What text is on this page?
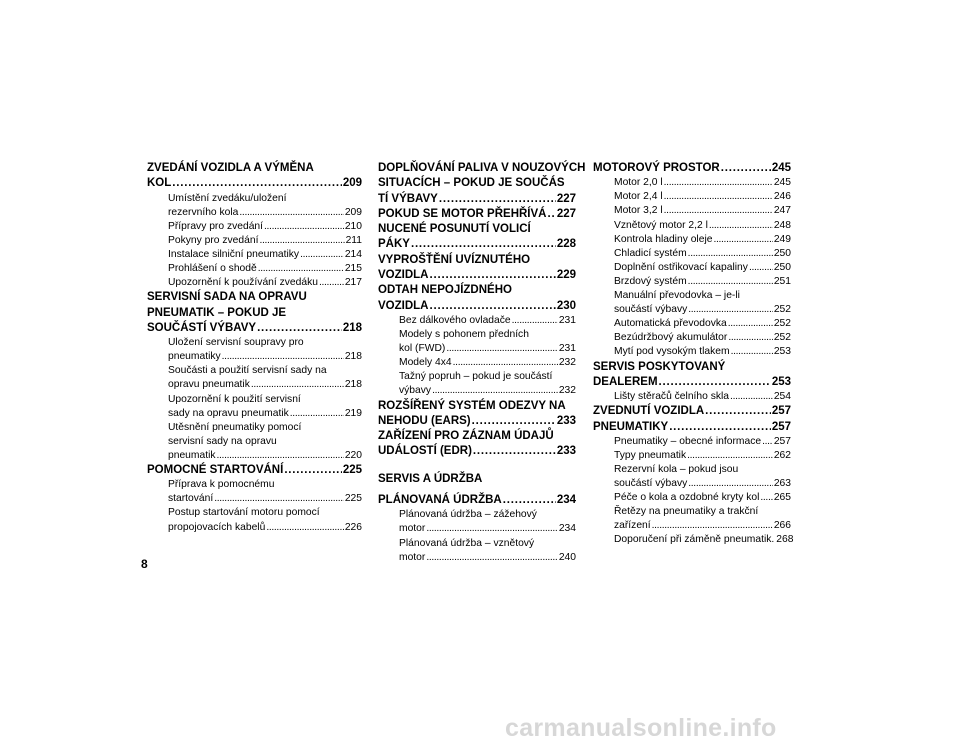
ZVEDÁNÍ VOZIDLA A VÝMĚNA
KOL . . .	209
Umístění zvedáku/uložení
rezervního kola . . .	209
Přípravy pro zvedání . . .	210
Pokyny pro zvedání . . .	211
Instalace silniční pneumatiky . . .	214
Prohlášení o shodě . . .	215
Upozornění k používání zvedáku . . .	217
SERVISNÍ SADA NA OPRAVU
PNEUMATIK – POKUD JE
SOUČÁSTÍ VÝBAVY . . .	218
Uložení servisní soupravy pro
pneumatiky . . .	218
Součásti a použití servisní sady na
opravu pneumatik . . .	218
Upozornění k použití servisní
sady na opravu pneumatik . . .	219
Utěsnění pneumatiky pomocí
servisní sady na opravu
pneumatik . . .	220
POMOCNÉ STARTOVÁNÍ . . .	225
Příprava k pomocnému
startování . . .	225
Postup startování motoru pomocí
propojovacích kabelů . . .	226
DOPLŇOVÁNÍ PALIVA V NOUZOVÝCH
SITUACÍCH – POKUD JE SOUČÁS
TÍ VÝBAVY . . .	227
POKUD SE MOTOR PŘEHŘÍVÁ . . . 227
NUCENÉ POSUNUTÍ VOLICÍ
PÁKY . . .	228
VYPROŠŤĚNÍ UVÍZNUTÉHO
VOZIDLA . . .	229
ODTAH NEPOJÍZDNÉHO
VOZIDLA . . .	230
Bez dálkového ovladače . . .	231
Modely s pohonem předních
kol (FWD) . . .	231
Modely 4x4 . . .	232
Tažný popruh – pokud je součástí
výbavy . . .	232
ROZŠÍŘENÝ SYSTÉM ODEZVY NA
NEHODU (EARS) . . .	233
ZAŘÍZENÍ PRO ZÁZNAM ÚDAJŮ
UDÁLOSTÍ (EDR) . . .	233
SERVIS A ÚDRŽBA
PLÁNOVANÁ ÚDRŽBA . . .	234
Plánovaná údržba – zážehový
motor . . .	234
Plánovaná údržba – vznětový
motor . . .	240
MOTOROVÝ PROSTOR . . .	245
Motor 2,0 l . . .	245
Motor 2,4 l . . .	246
Motor 3,2 l . . .	247
Vznětový motor 2,2 l . . .	248
Kontrola hladiny oleje . . .	249
Chladicí systém . . .	250
Doplnění ostřikovací kapaliny . . .	250
Brzdový systém . . .	251
Manuální převodovka – je-li
součástí výbavy . . .	252
Automatická převodovka . . .	252
Bezúdržbový akumulátor . . .	252
Mytí pod vysokým tlakem . . .	253
SERVIS POSKYTOVANÝ
DEALEREM . . .	253
Lišty stěračů čelního skla . . .	254
ZVEDNUTÍ VOZIDLA . . .	257
PNEUMATIKY . . .	257
Pneumatiky – obecné informace . . . 257
Typy pneumatik . . .	262
Rezervní kola – pokud jsou
součástí výbavy . . .	263
Péče o kola a ozdobné kryty kol . . . 265
Řetězy na pneumatiky a trakční
zařízení . . .	266
Doporučení při záměně pneumatik. 268
8
carmanualsonline.info
